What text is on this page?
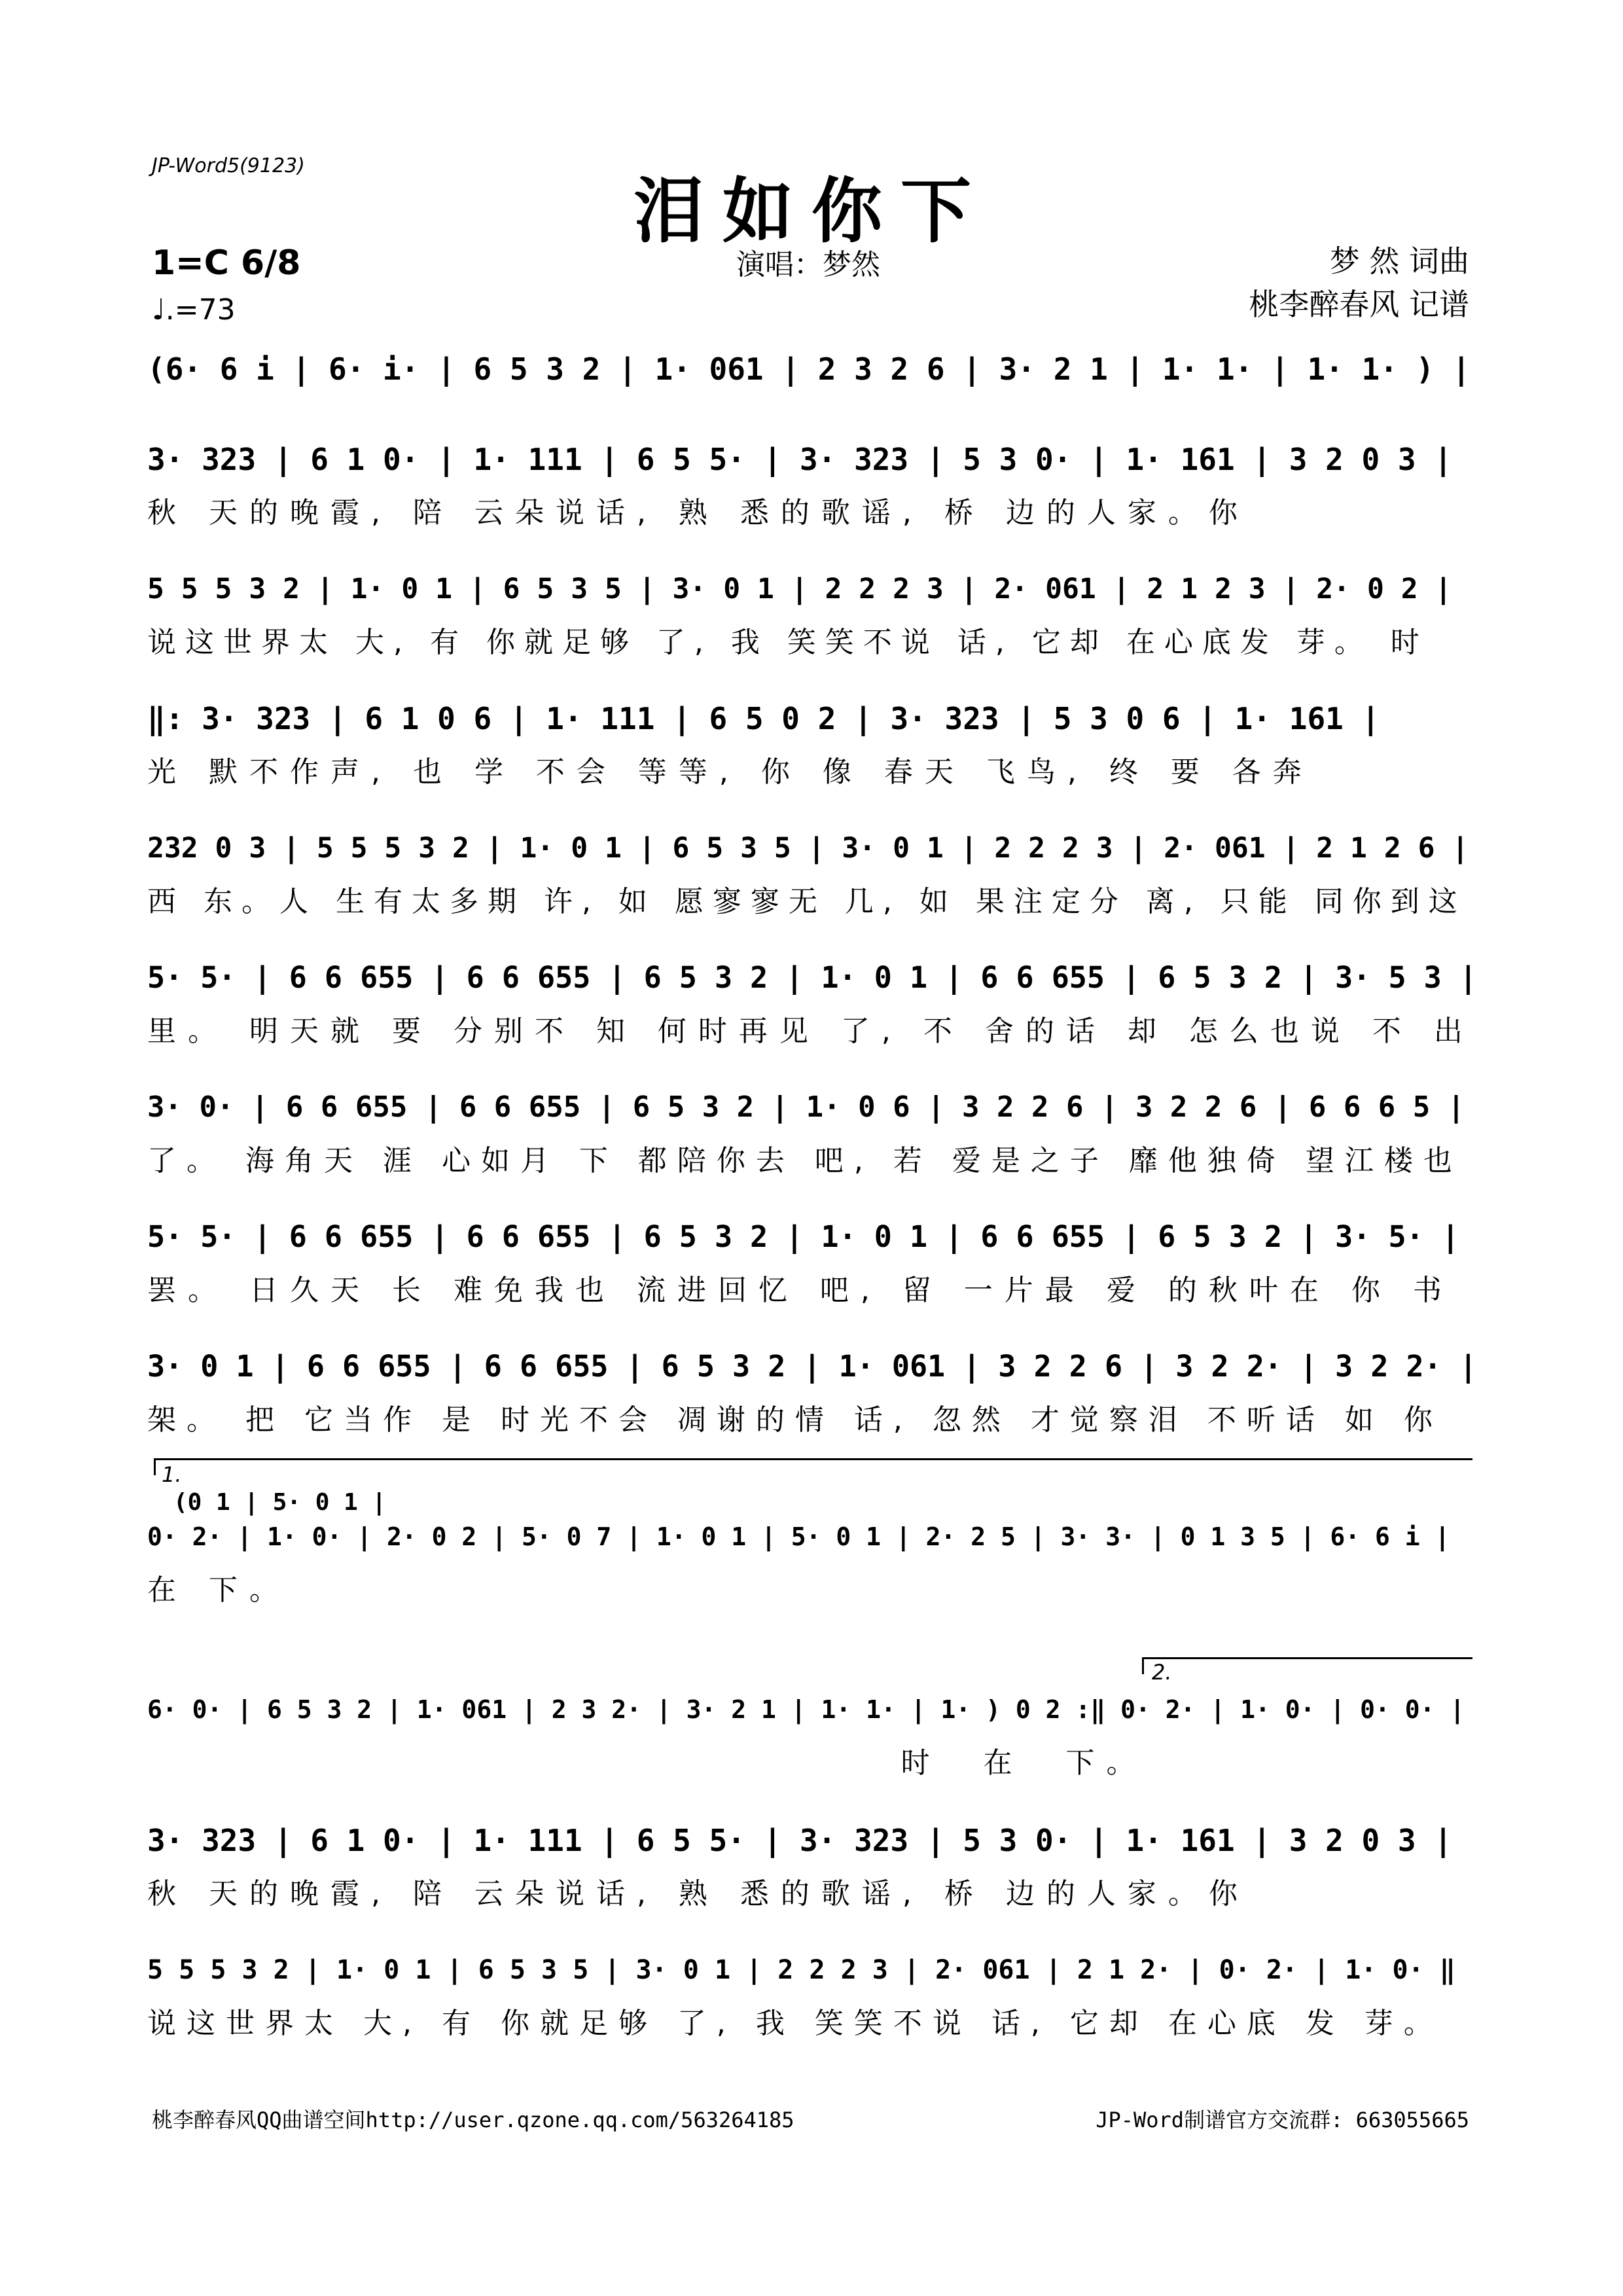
JP-Word5(9123)
泪如你下
演唱：梦然	梦 然 词曲
桃李醉春风 记谱
1=C 6/8
♩.=73
(6· 6 i | 6· i· | 6 5 3 2 | 1· 061 | 2 3 2 6 | 3· 2 1 | 1· 1· | 1· 1· ) |
3· 323 | 6 1 0· | 1· 111 | 6 5 5· | 3· 323 | 5 3 0· | 1· 161 | 3 2 0 3 |
秋 天的晚霞, 陪 云朵说话, 熟 悉的歌谣, 桥 边的人家。你
5 5 5 3 2 | 1· 0 1 | 6 5 3 5 | 3· 0 1 | 2 2 2 3 | 2· 061 | 2 1 2 3 | 2· 0 2 |
说这世界太 大, 有 你就足够 了, 我 笑笑不说 话, 它却 在心底发 芽。 时
‖: 3· 323 | 6 1 0 6 | 1· 111 | 6 5 0 2 | 3· 323 | 5 3 0 6 | 1· 161 |
光 默不作声, 也 学 不会 等等, 你 像 春天 飞鸟, 终 要 各奔
232 0 3 | 5 5 5 3 2 | 1· 0 1 | 6 5 3 5 | 3· 0 1 | 2 2 2 3 | 2· 061 | 2 1 2 6 |
西 东。人 生有太多期 许, 如 愿寥寥无 几, 如 果注定分 离, 只能 同你到这
5· 5· | 6 6 655 | 6 6 655 | 6 5 3 2 | 1· 0 1 | 6 6 655 | 6 5 3 2 | 3· 5 3 |
里。 明天就 要 分别不 知 何时再见 了, 不 舍的话 却 怎么也说 不 出
3· 0· | 6 6 655 | 6 6 655 | 6 5 3 2 | 1· 0 6 | 3 2 2 6 | 3 2 2 6 | 6 6 6 5 |
了。 海角天 涯 心如月 下 都陪你去 吧, 若 爱是之子 靡他独倚 望江楼也
5· 5· | 6 6 655 | 6 6 655 | 6 5 3 2 | 1· 0 1 | 6 6 655 | 6 5 3 2 | 3· 5· |
罢。 日久天 长 难免我也 流进回忆 吧, 留 一片最 爱 的秋叶在 你 书
3· 0 1 | 6 6 655 | 6 6 655 | 6 5 3 2 | 1· 061 | 3 2 2 6 | 3 2 2· | 3 2 2· |
架。 把 它当作 是 时光不会 凋谢的情 话, 忽然 才觉察泪 不听话 如 你
1.
(0 1 | 5· 0 1 |
0· 2· | 1· 0· | 2· 0 2 | 5· 0 7 | 1· 0 1 | 5· 0 1 | 2· 2 5 | 3· 3· | 0 1 3 5 | 6· 6 i |
在 下。
2.
6· 0· | 6 5 3 2 | 1· 061 | 2 3 2· | 3· 2 1 | 1· 1· | 1· ) 0 2 :‖ 0· 2· | 1· 0· | 0· 0· |
时  在  下。
3· 323 | 6 1 0· | 1· 111 | 6 5 5· | 3· 323 | 5 3 0· | 1· 161 | 3 2 0 3 |
秋 天的晚霞, 陪 云朵说话, 熟 悉的歌谣, 桥 边的人家。你
5 5 5 3 2 | 1· 0 1 | 6 5 3 5 | 3· 0 1 | 2 2 2 3 | 2· 061 | 2 1 2· | 0· 2· | 1· 0· ‖
说这世界太 大, 有 你就足够 了, 我 笑笑不说 话, 它却 在心底 发 芽。
桃李醉春风QQ曲谱空间http://user.qzone.qq.com/563264185	JP-Word制谱官方交流群: 663055665
